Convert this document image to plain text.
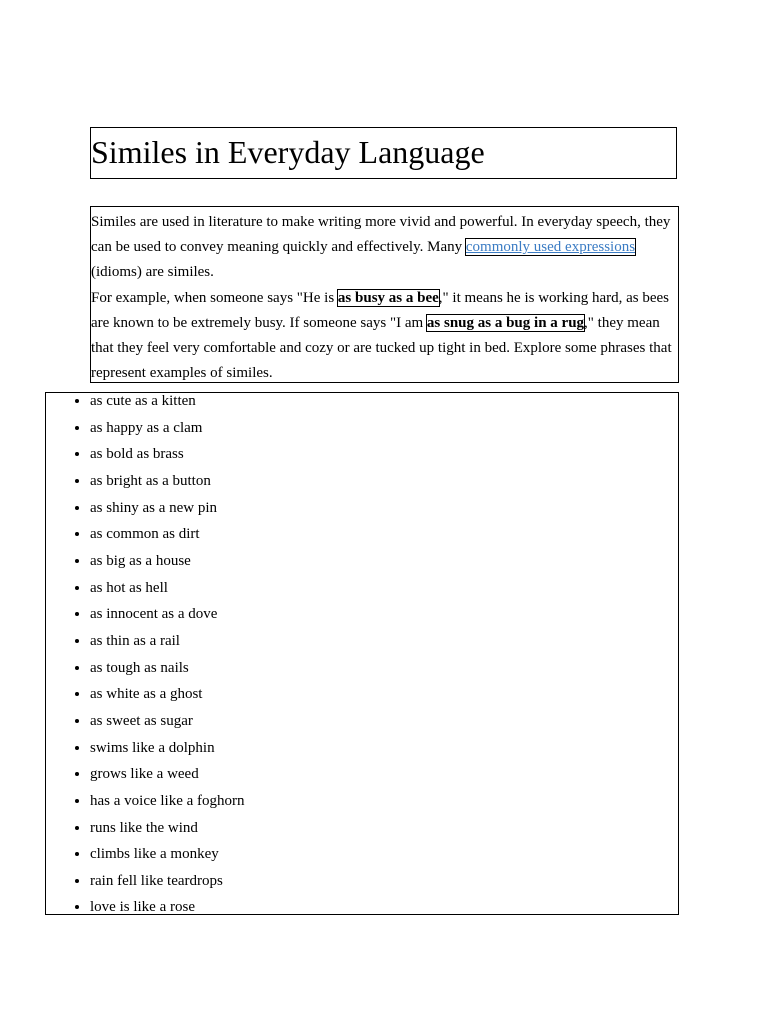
Similes in Everyday Language

Similes are used in literature to make writing more vivid and powerful. In everyday speech, they can be used to convey meaning quickly and effectively. Many commonly used expressions (idioms) are similes.

For example, when someone says "He is as busy as a bee," it means he is working hard, as bees are known to be extremely busy. If someone says "I am as snug as a bug in a rug," they mean that they feel very comfortable and cozy or are tucked up tight in bed. Explore some phrases that represent examples of similes.

• as cute as a kitten
• as happy as a clam
• as bold as brass
• as bright as a button
• as shiny as a new pin
• as common as dirt
• as big as a house
• as hot as hell
• as innocent as a dove
• as thin as a rail
• as tough as nails
• as white as a ghost
• as sweet as sugar
• swims like a dolphin
• grows like a weed
• has a voice like a foghorn
• runs like the wind
• climbs like a monkey
• rain fell like teardrops
• love is like a rose
